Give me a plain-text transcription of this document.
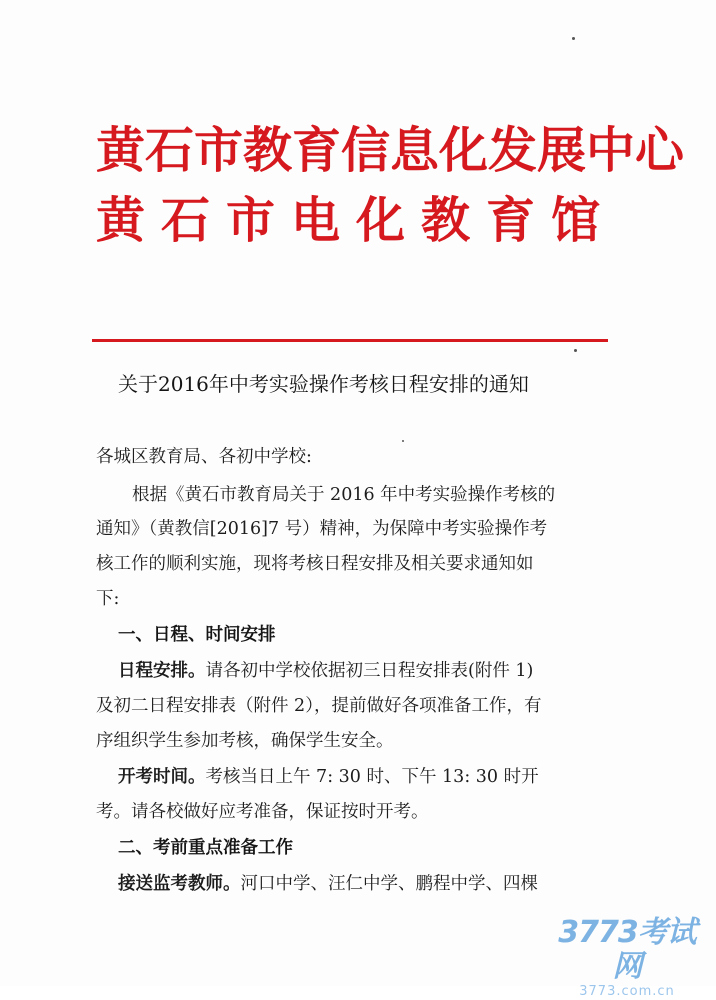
黄石市教育信息化发展中心
黄石市电化教育馆
关于2016年中考实验操作考核日程安排的通知
各城区教育局、各初中学校:
根据《黄石市教育局关于 2016 年中考实验操作考核的
通知》（黄教信[2016]7 号）精神，为保障中考实验操作考
核工作的顺利实施，现将考核日程安排及相关要求通知如
下:
一、日程、时间安排
日程安排。请各初中学校依据初三日程安排表(附件 1)
及初二日程安排表（附件 2），提前做好各项准备工作，有
序组织学生参加考核，确保学生安全。
开考时间。考核当日上午 7: 30 时、下午 13: 30 时开
考。请各校做好应考准备，保证按时开考。
二、考前重点准备工作
接送监考教师。河口中学、汪仁中学、鹏程中学、四棵
3773考试网
3773.com.cn
